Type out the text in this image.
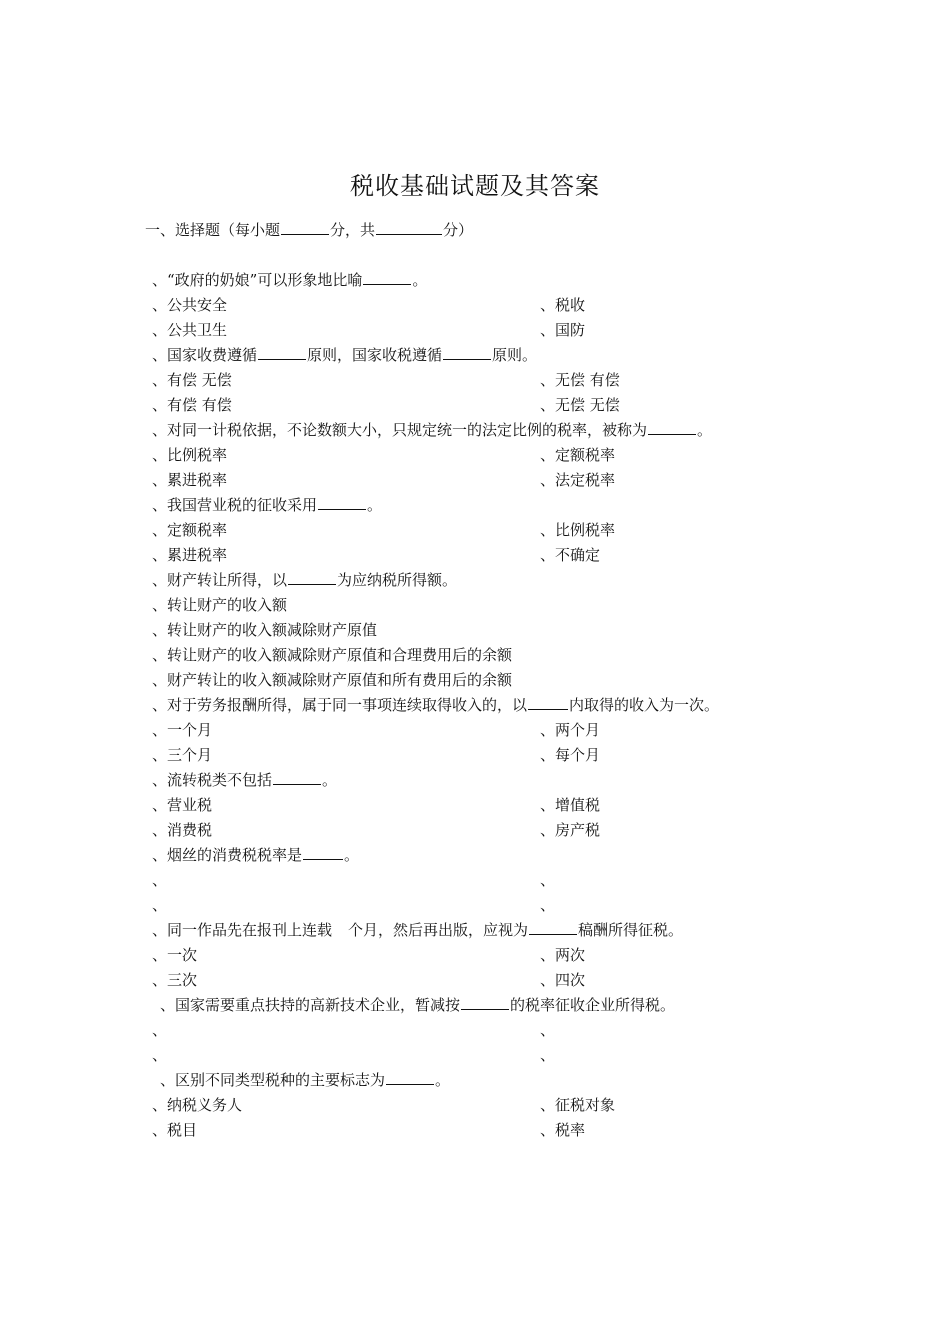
税收基础试题及其答案
一、选择题（每小题	分，共	分）
、“政府的奶娘”可以形象地比喻	。
、公共安全	、税收
、公共卫生	、国防
、国家收费遵循	原则，国家收税遵循	原则。
、有偿 无偿	、无偿 有偿
、有偿 有偿	、无偿 无偿
、对同一计税依据，不论数额大小，只规定统一的法定比例的税率，被称为	。
、比例税率	、定额税率
、累进税率	、法定税率
、我国营业税的征收采用	。
、定额税率	、比例税率
、累进税率	、不确定
、财产转让所得，以	为应纳税所得额。
、转让财产的收入额
、转让财产的收入额减除财产原值
、转让财产的收入额减除财产原值和合理费用后的余额
、财产转让的收入额减除财产原值和所有费用后的余额
、对于劳务报酬所得，属于同一事项连续取得收入的，以	内取得的收入为一次。
、一个月	、两个月
、三个月	、每个月
、流转税类不包括	。
、营业税	、增值税
、消费税	、房产税
、烟丝的消费税税率是	。
、	、
、	、
、同一作品先在报刊上连载 个月，然后再出版，应视为	稿酬所得征税。
、一次	、两次
、三次	、四次
、国家需要重点扶持的高新技术企业，暂减按	的税率征收企业所得税。
、	、
、	、
、区别不同类型税种的主要标志为	。
、纳税义务人	、征税对象
、税目	、税率
